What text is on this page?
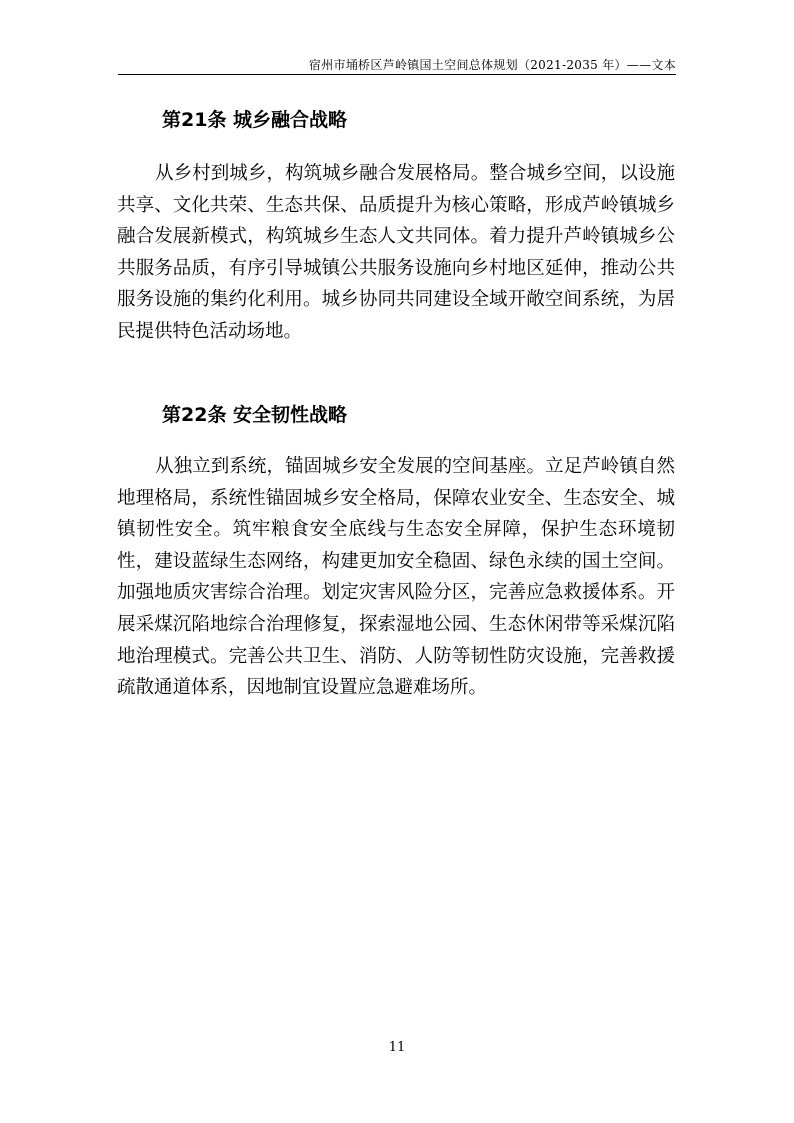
宿州市埇桥区芦岭镇国土空间总体规划（2021-2035 年）——文本
第21条 城乡融合战略

从乡村到城乡，构筑城乡融合发展格局。整合城乡空间，以设施共享、文化共荣、生态共保、品质提升为核心策略，形成芦岭镇城乡融合发展新模式，构筑城乡生态人文共同体。着力提升芦岭镇城乡公共服务品质，有序引导城镇公共服务设施向乡村地区延伸，推动公共服务设施的集约化利用。城乡协同共同建设全域开敞空间系统，为居民提供特色活动场地。

第22条 安全韧性战略

从独立到系统，锚固城乡安全发展的空间基座。立足芦岭镇自然地理格局，系统性锚固城乡安全格局，保障农业安全、生态安全、城镇韧性安全。筑牢粮食安全底线与生态安全屏障，保护生态环境韧性，建设蓝绿生态网络，构建更加安全稳固、绿色永续的国土空间。加强地质灾害综合治理。划定灾害风险分区，完善应急救援体系。开展采煤沉陷地综合治理修复，探索湿地公园、生态休闲带等采煤沉陷地治理模式。完善公共卫生、消防、人防等韧性防灾设施，完善救援疏散通道体系，因地制宜设置应急避难场所。

11
